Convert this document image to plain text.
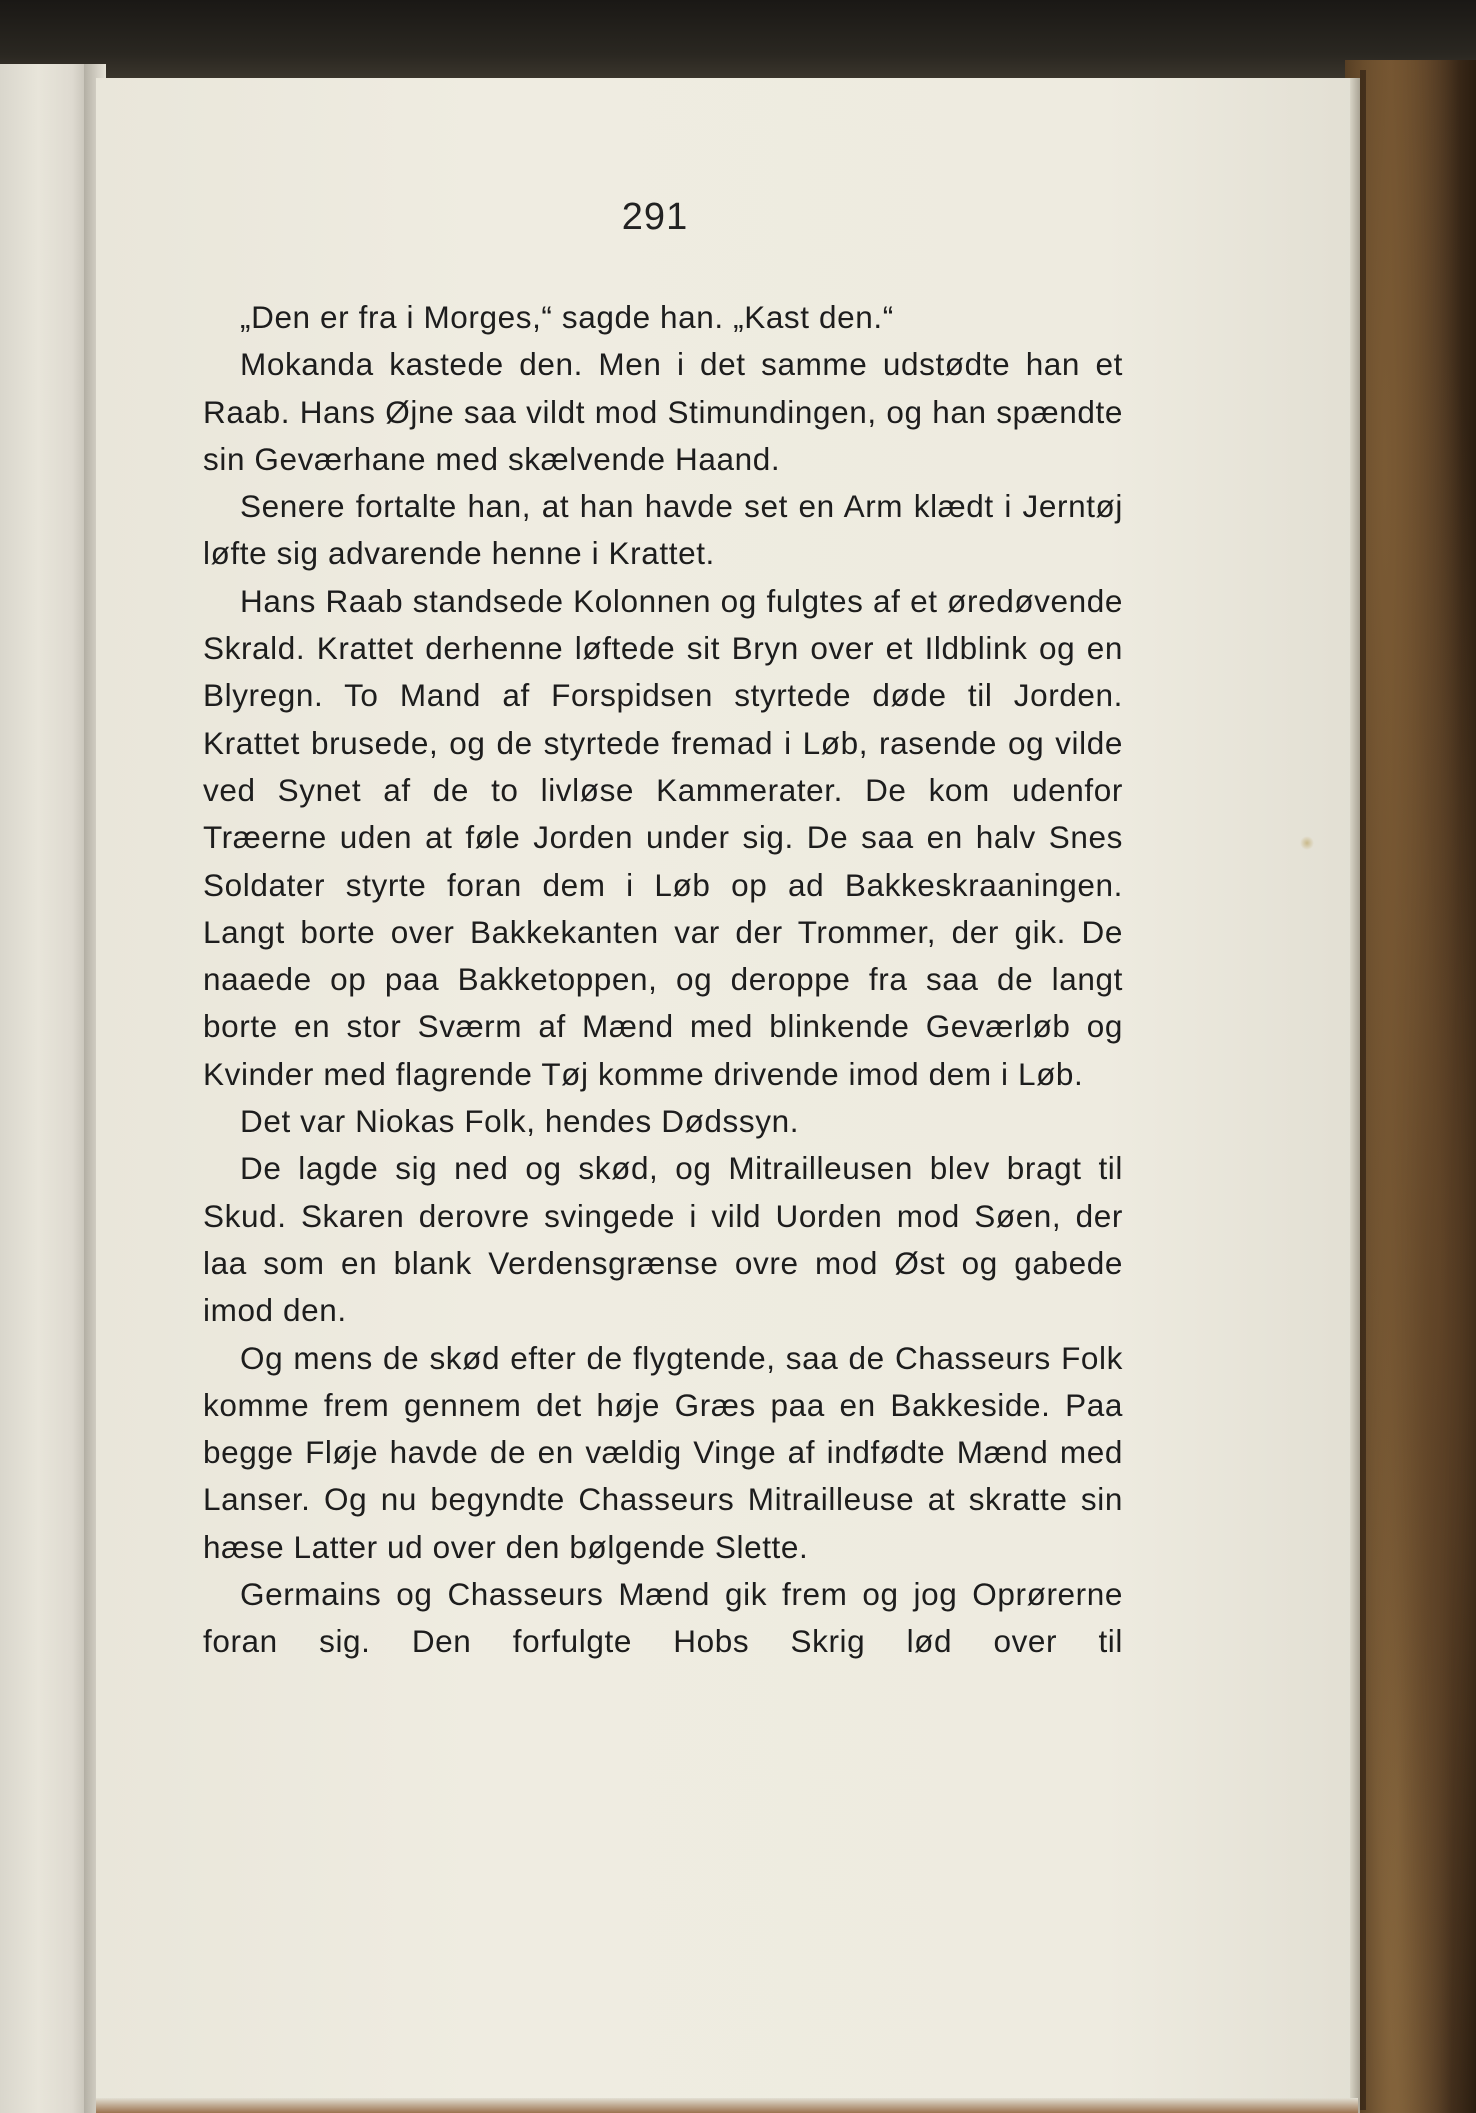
291

„Den er fra i Morges,“ sagde han. „Kast den.“

Mokanda kastede den. Men i det samme udstødte han et Raab. Hans Øjne saa vildt mod Stimundingen, og han spændte sin Geværhane med skælvende Haand.

Senere fortalte han, at han havde set en Arm klædt i Jerntøj løfte sig advarende henne i Krattet.

Hans Raab standsede Kolonnen og fulgtes af et øredøvende Skrald. Krattet derhenne løftede sit Bryn over et Ildblink og en Blyregn. To Mand af Forspidsen styrtede døde til Jorden. Krattet brusede, og de styrtede fremad i Løb, rasende og vilde ved Synet af de to livløse Kammerater. De kom udenfor Træerne uden at føle Jorden under sig. De saa en halv Snes Soldater styrte foran dem i Løb op ad Bakkeskraaningen. Langt borte over Bakkekanten var der Trommer, der gik. De naaede op paa Bakketoppen, og deroppe fra saa de langt borte en stor Sværm af Mænd med blinkende Geværløb og Kvinder med flagrende Tøj komme drivende imod dem i Løb.

Det var Niokas Folk, hendes Dødssyn.

De lagde sig ned og skød, og Mitrailleusen blev bragt til Skud. Skaren derovre svingede i vild Uorden mod Søen, der laa som en blank Verdensgrænse ovre mod Øst og gabede imod den.

Og mens de skød efter de flygtende, saa de Chasseurs Folk komme frem gennem det høje Græs paa en Bakkeside. Paa begge Fløje havde de en vældig Vinge af indfødte Mænd med Lanser. Og nu begyndte Chasseurs Mitrailleuse at skratte sin hæse Latter ud over den bølgende Slette.

Germains og Chasseurs Mænd gik frem og jog Oprørerne foran sig. Den forfulgte Hobs Skrig lød over til
